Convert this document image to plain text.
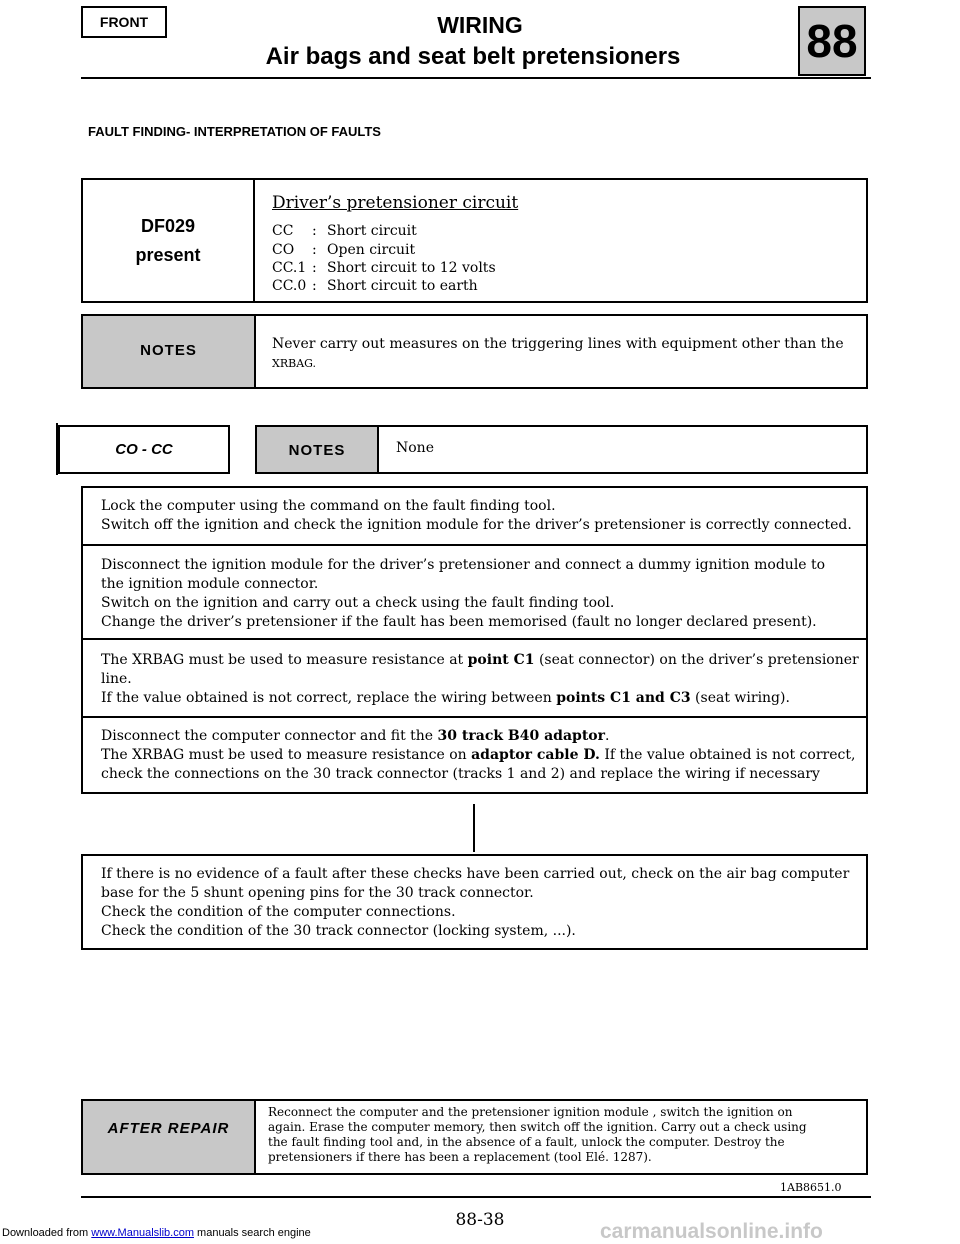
FRONT	WIRING
Air bags and seat belt pretensioners	88
FAULT FINDING- INTERPRETATION OF FAULTS
DF029
present
Driver’s pretensioner circuit
CC : Short circuit
CO : Open circuit
CC.1 : Short circuit to 12 volts
CC.0 : Short circuit to earth
NOTES	Never carry out measures on the triggering lines with equipment other than the
XRBAG.
CO - CC	NOTES	None
Lock the computer using the command on the fault finding tool.
Switch off the ignition and check the ignition module for the driver’s pretensioner is correctly connected.
Disconnect the ignition module for the driver’s pretensioner and connect a dummy ignition module to
the ignition module connector.
Switch on the ignition and carry out a check using the fault finding tool.
Change the driver’s pretensioner if the fault has been memorised (fault no longer declared present).
The XRBAG must be used to measure resistance at point C1 (seat connector) on the driver’s pretensioner
line.
If the value obtained is not correct, replace the wiring between points C1 and C3 (seat wiring).
Disconnect the computer connector and fit the 30 track B40 adaptor.
The XRBAG must be used to measure resistance on adaptor cable D. If the value obtained is not correct,
check the connections on the 30 track connector (tracks 1 and 2) and replace the wiring if necessary
If there is no evidence of a fault after these checks have been carried out, check on the air bag computer
base for the 5 shunt opening pins for the 30 track connector.
Check the condition of the computer connections.
Check the condition of the 30 track connector (locking system, ...).
AFTER REPAIR
Reconnect the computer and the pretensioner ignition module , switch the ignition on
again. Erase the computer memory, then switch off the ignition. Carry out a check using
the fault finding tool and, in the absence of a fault, unlock the computer. Destroy the
pretensioners if there has been a replacement (tool Elé. 1287).
1AB8651.0
88-38
Downloaded from www.Manualslib.com manuals search engine	carmanualsonline.info
